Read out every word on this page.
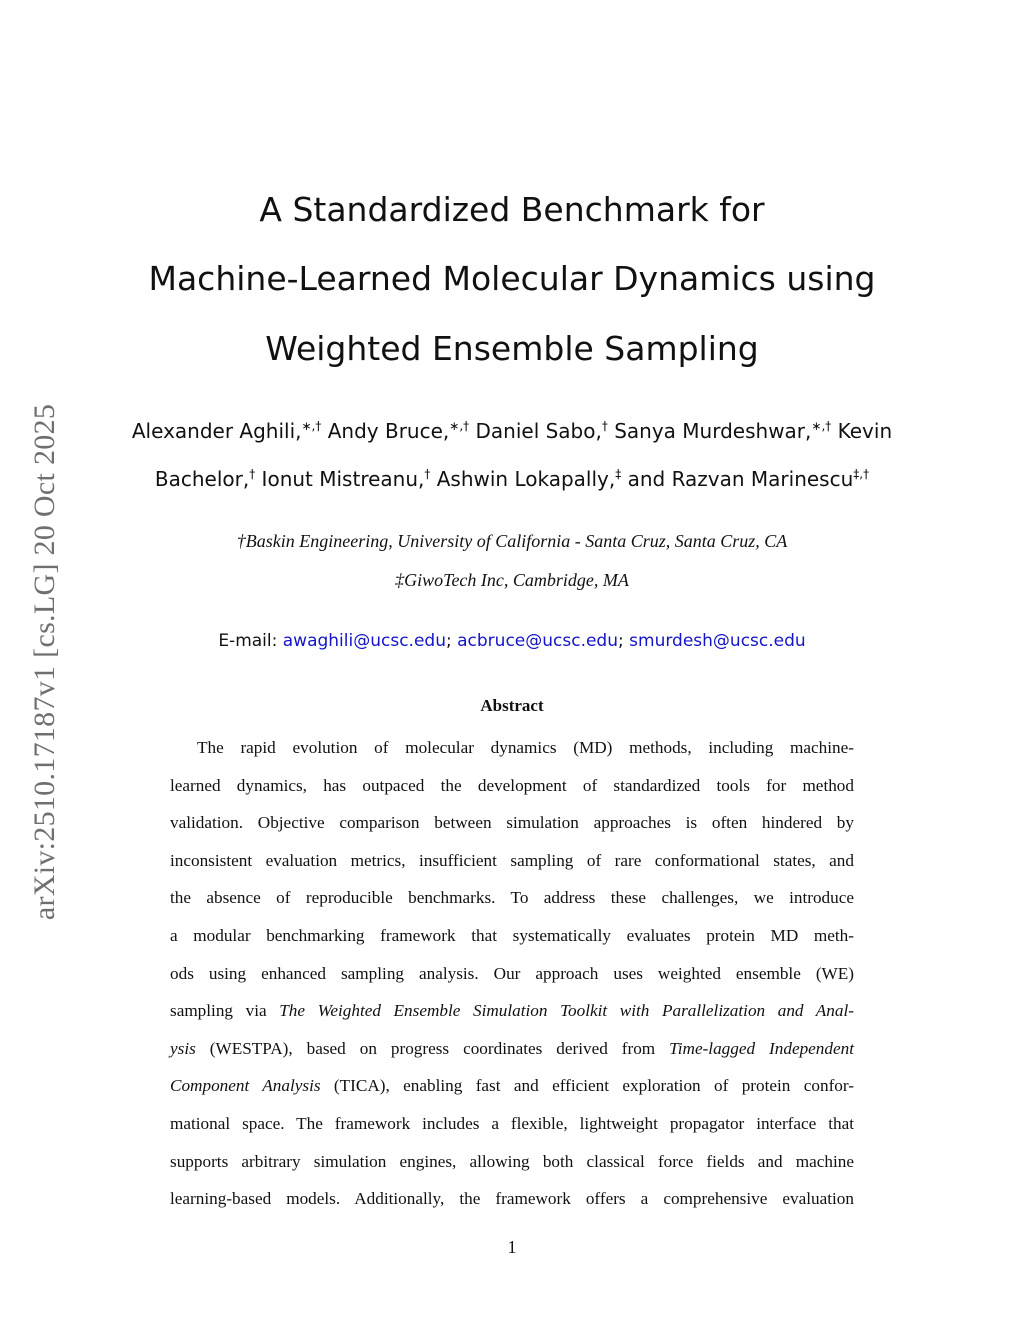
arXiv:2510.17187v1 [cs.LG] 20 Oct 2025
A Standardized Benchmark for
Machine-Learned Molecular Dynamics using
Weighted Ensemble Sampling
Alexander Aghili,∗,† Andy Bruce,∗,† Daniel Sabo,† Sanya Murdeshwar,∗,† Kevin
Bachelor,† Ionut Mistreanu,† Ashwin Lokapally,‡ and Razvan Marinescu‡,†
†Baskin Engineering, University of California - Santa Cruz, Santa Cruz, CA
‡GiwoTech Inc, Cambridge, MA
E-mail: awaghili@ucsc.edu; acbruce@ucsc.edu; smurdesh@ucsc.edu
Abstract
The rapid evolution of molecular dynamics (MD) methods, including machine-
learned dynamics, has outpaced the development of standardized tools for method
validation. Objective comparison between simulation approaches is often hindered by
inconsistent evaluation metrics, insufficient sampling of rare conformational states, and
the absence of reproducible benchmarks. To address these challenges, we introduce
a modular benchmarking framework that systematically evaluates protein MD meth-
ods using enhanced sampling analysis. Our approach uses weighted ensemble (WE)
sampling via The Weighted Ensemble Simulation Toolkit with Parallelization and Anal-
ysis (WESTPA), based on progress coordinates derived from Time-lagged Independent
Component Analysis (TICA), enabling fast and efficient exploration of protein confor-
mational space. The framework includes a flexible, lightweight propagator interface that
supports arbitrary simulation engines, allowing both classical force fields and machine
learning-based models. Additionally, the framework offers a comprehensive evaluation
1
